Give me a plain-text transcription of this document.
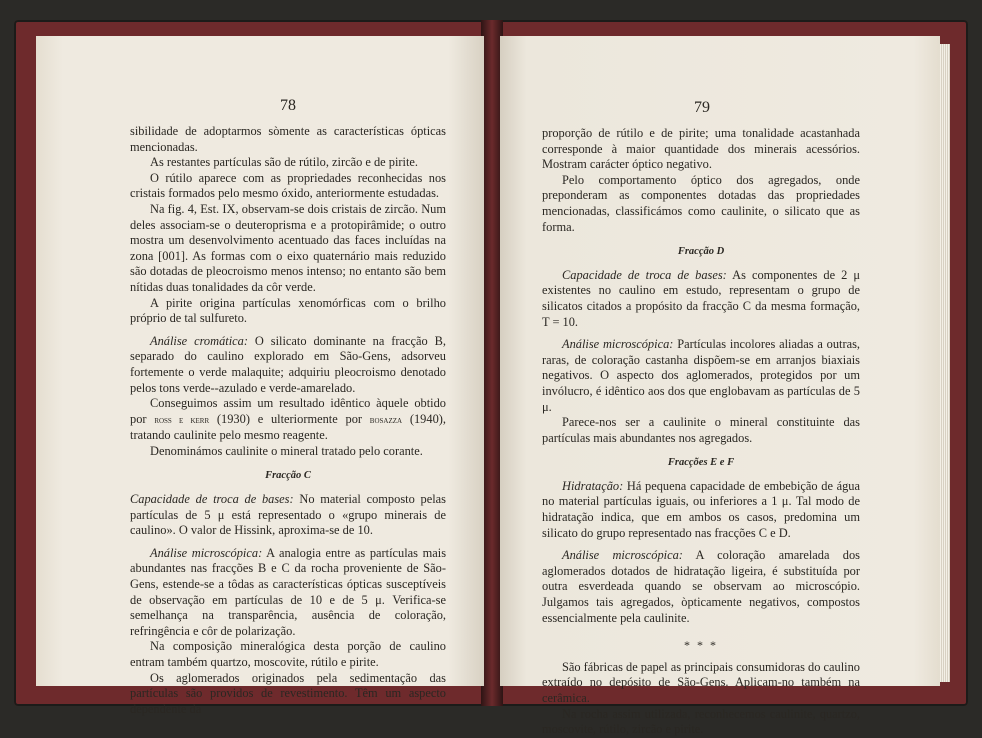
78

sibilidade de adoptarmos sòmente as características ópticas mencionadas.

As restantes partículas são de rútilo, zircão e de pirite.

O rútilo aparece com as propriedades reconhecidas nos cristais formados pelo mesmo óxido, anteriormente estudadas.

Na fig. 4, Est. IX, observam-se dois cristais de zircão. Num deles associam-se o deuteroprisma e a protopirâmide; o outro mostra um desenvolvimento acentuado das faces incluídas na zona [001]. As formas com o eixo quaternário mais reduzido são dotadas de pleocroismo menos intenso; no entanto são bem nítidas duas tonalidades da côr verde.

A pirite origina partículas xenomórficas com o brilho próprio de tal sulfureto.

Análise cromática: O silicato dominante na fracção B, separado do caulino explorado em São-Gens, adsorveu fortemente o verde malaquite; adquiriu pleocroismo denotado pelos tons verde--azulado e verde-amarelado.

Conseguimos assim um resultado idêntico àquele obtido por ross e kerr (1930) e ulteriormente por bosazza (1940), tratando caulinite pelo mesmo reagente.

Denominámos caulinite o mineral tratado pelo corante.

Fracção C

Capacidade de troca de bases: No material composto pelas partículas de 5 μ está representado o «grupo minerais de caulino». O valor de Hissink, aproxima-se de 10.

Análise microscópica: A analogia entre as partículas mais abundantes nas fracções B e C da rocha proveniente de São-Gens, estende-se a tôdas as características ópticas susceptíveis de observação em partículas de 10 e de 5 μ. Verifica-se semelhança na transparência, ausência de coloração, refringência e côr de polarização.

Na composição mineralógica desta porção de caulino entram também quartzo, moscovite, rútilo e pirite.

Os aglomerados originados pela sedimentação das partículas são providos de revestimento. Têm um aspecto dependente da

79

proporção de rútilo e de pirite; uma tonalidade acastanhada corresponde à maior quantidade dos minerais acessórios. Mostram carácter óptico negativo.

Pelo comportamento óptico dos agregados, onde preponderam as componentes dotadas das propriedades mencionadas, classificámos como caulinite, o silicato que as forma.

Fracção D

Capacidade de troca de bases: As componentes de 2 μ existentes no caulino em estudo, representam o grupo de silicatos citados a propósito da fracção C da mesma formação, T = 10.

Análise microscópica: Partículas incolores aliadas a outras, raras, de coloração castanha dispõem-se em arranjos biaxiais negativos. O aspecto dos aglomerados, protegidos por um invólucro, é idêntico aos dos que englobavam as partículas de 5 μ.

Parece-nos ser a caulinite o mineral constituinte das partículas mais abundantes nos agregados.

Fracções E e F

Hidratação: Há pequena capacidade de embebição de água no material partículas iguais, ou inferiores a 1 μ. Tal modo de hidratação indica, que em ambos os casos, predomina um silicato do grupo representado nas fracções C e D.

Análise microscópica: A coloração amarelada dos aglomerados dotados de hidratação ligeira, é substituída por outra esverdeada quando se observam ao microscópio. Julgamos tais agregados, òpticamente negativos, compostos essencialmente pela caulinite.

* * *

São fábricas de papel as principais consumidoras do caulino extraído no depósito de São-Gens. Aplicam-no também na cerâmica.

Na rocha assim utilizada, reconhecemos caulinite, quartzo, moscovite, rútilo, zircão e pirite.
